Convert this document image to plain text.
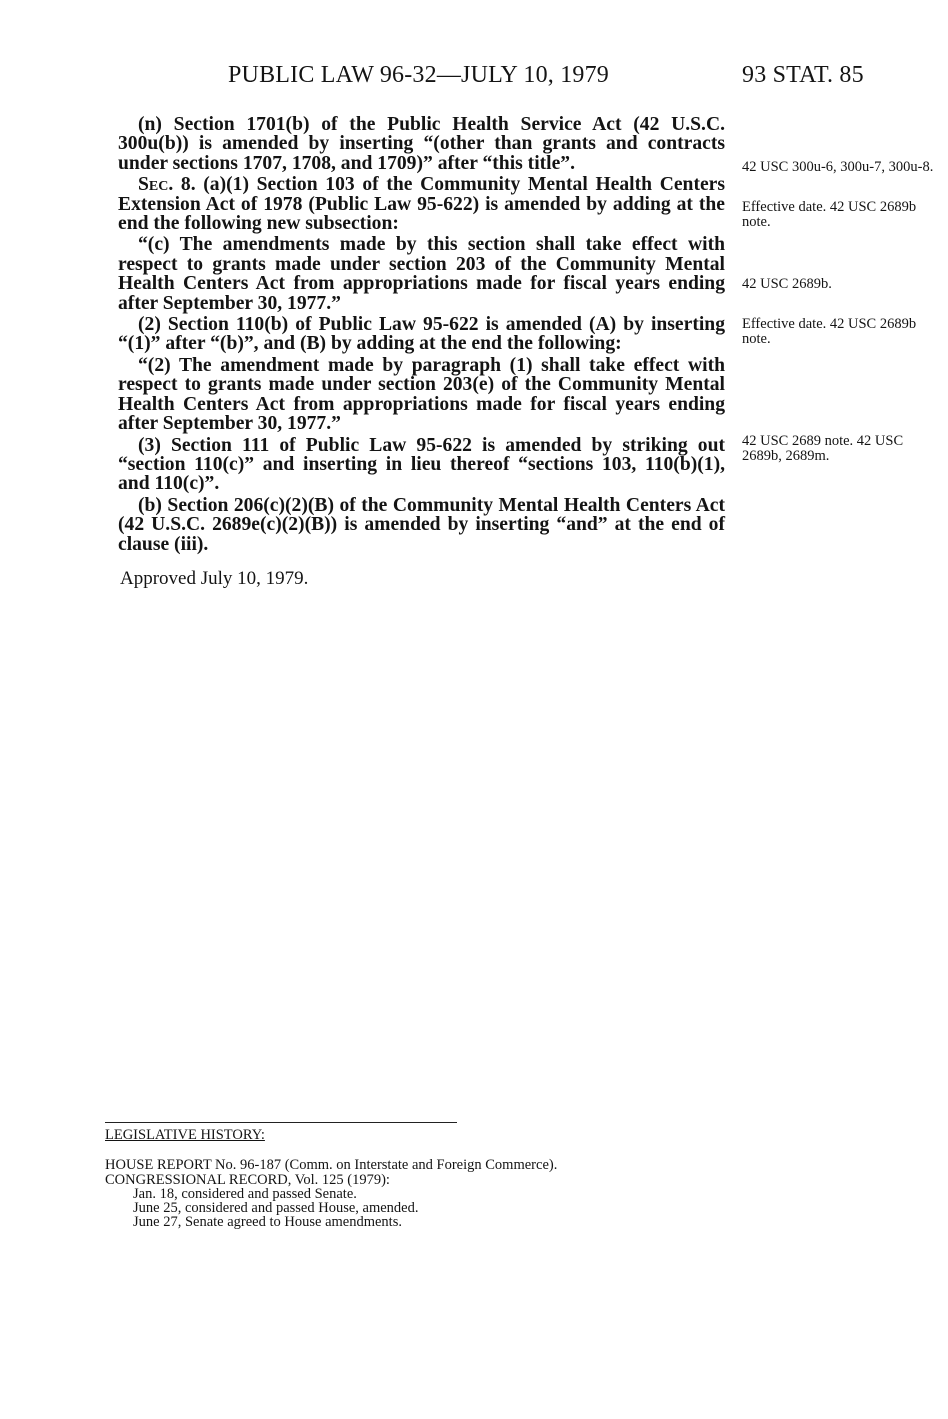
PUBLIC LAW 96-32—JULY 10, 1979	93 STAT. 85

(n) Section 1701(b) of the Public Health Service Act (42 U.S.C. 300u(b)) is amended by inserting “(other than grants and contracts under sections 1707, 1708, and 1709)” after “this title”.

Sec. 8. (a)(1) Section 103 of the Community Mental Health Centers Extension Act of 1978 (Public Law 95-622) is amended by adding at the end the following new subsection:

“(c) The amendments made by this section shall take effect with respect to grants made under section 203 of the Community Mental Health Centers Act from appropriations made for fiscal years ending after September 30, 1977.”

(2) Section 110(b) of Public Law 95-622 is amended (A) by inserting “(1)” after “(b)”, and (B) by adding at the end the following:

“(2) The amendment made by paragraph (1) shall take effect with respect to grants made under section 203(e) of the Community Mental Health Centers Act from appropriations made for fiscal years ending after September 30, 1977.”

(3) Section 111 of Public Law 95-622 is amended by striking out “section 110(c)” and inserting in lieu thereof “sections 103, 110(b)(1), and 110(c)”.

(b) Section 206(c)(2)(B) of the Community Mental Health Centers Act (42 U.S.C. 2689e(c)(2)(B)) is amended by inserting “and” at the end of clause (iii).

42 USC 300u-6, 300u-7, 300u-8.
Effective date. 42 USC 2689b note.
42 USC 2689b.
Effective date. 42 USC 2689b note.
42 USC 2689 note. 42 USC 2689b, 2689m.
Approved July 10, 1979.
LEGISLATIVE HISTORY:
HOUSE REPORT No. 96-187 (Comm. on Interstate and Foreign Commerce).
CONGRESSIONAL RECORD, Vol. 125 (1979):
Jan. 18, considered and passed Senate.
June 25, considered and passed House, amended.
June 27, Senate agreed to House amendments.
